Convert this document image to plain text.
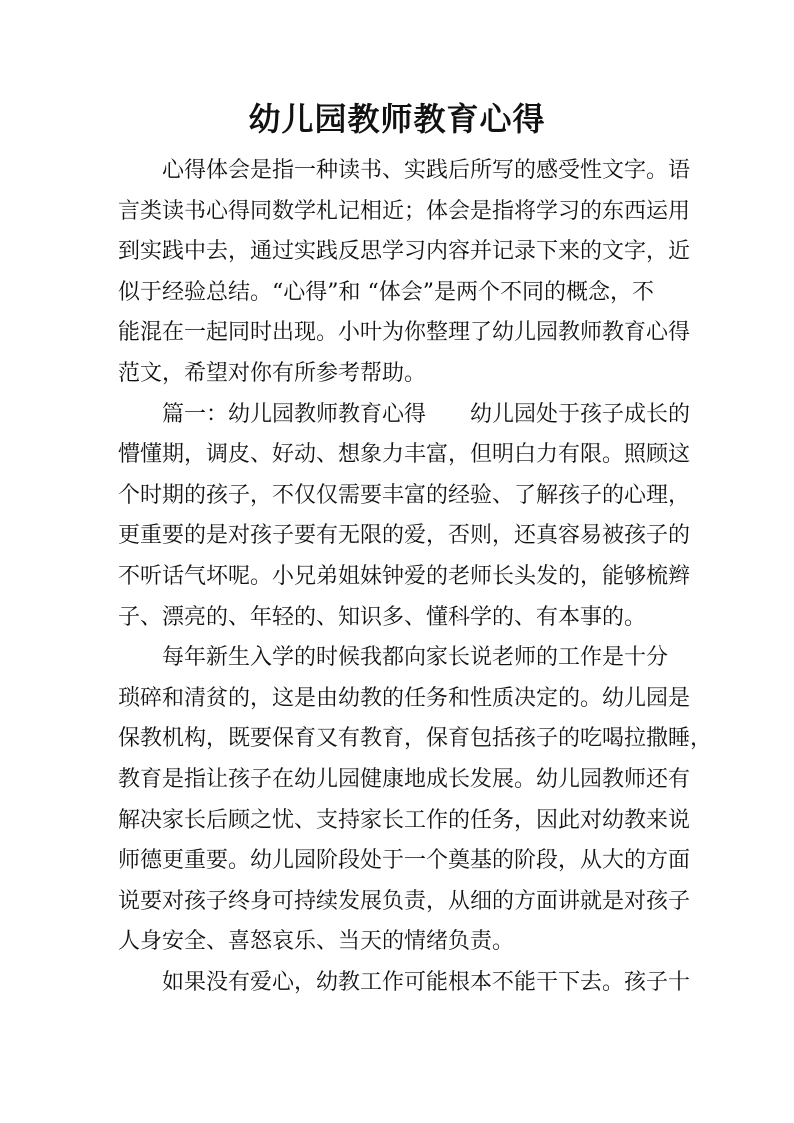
幼儿园教师教育心得
心得体会是指一种读书、实践后所写的感受性文字。语
言类读书心得同数学札记相近；体会是指将学习的东西运用
到实践中去，通过实践反思学习内容并记录下来的文字，近
似于经验总结。“心得”和 “体会”是两个不同的概念，不
能混在一起同时出现。小叶为你整理了幼儿园教师教育心得
范文，希望对你有所参考帮助。
篇一：幼儿园教师教育心得　　幼儿园处于孩子成长的
懵懂期，调皮、好动、想象力丰富，但明白力有限。照顾这
个时期的孩子，不仅仅需要丰富的经验、了解孩子的心理，
更重要的是对孩子要有无限的爱，否则，还真容易被孩子的
不听话气坏呢。小兄弟姐妹钟爱的老师长头发的，能够梳辫
子、漂亮的、年轻的、知识多、懂科学的、有本事的。
每年新生入学的时候我都向家长说老师的工作是十分
琐碎和清贫的，这是由幼教的任务和性质决定的。幼儿园是
保教机构，既要保育又有教育，保育包括孩子的吃喝拉撒睡，
教育是指让孩子在幼儿园健康地成长发展。幼儿园教师还有
解决家长后顾之忧、支持家长工作的任务，因此对幼教来说
师德更重要。幼儿园阶段处于一个奠基的阶段，从大的方面
说要对孩子终身可持续发展负责，从细的方面讲就是对孩子
人身安全、喜怒哀乐、当天的情绪负责。
如果没有爱心，幼教工作可能根本不能干下去。孩子十
